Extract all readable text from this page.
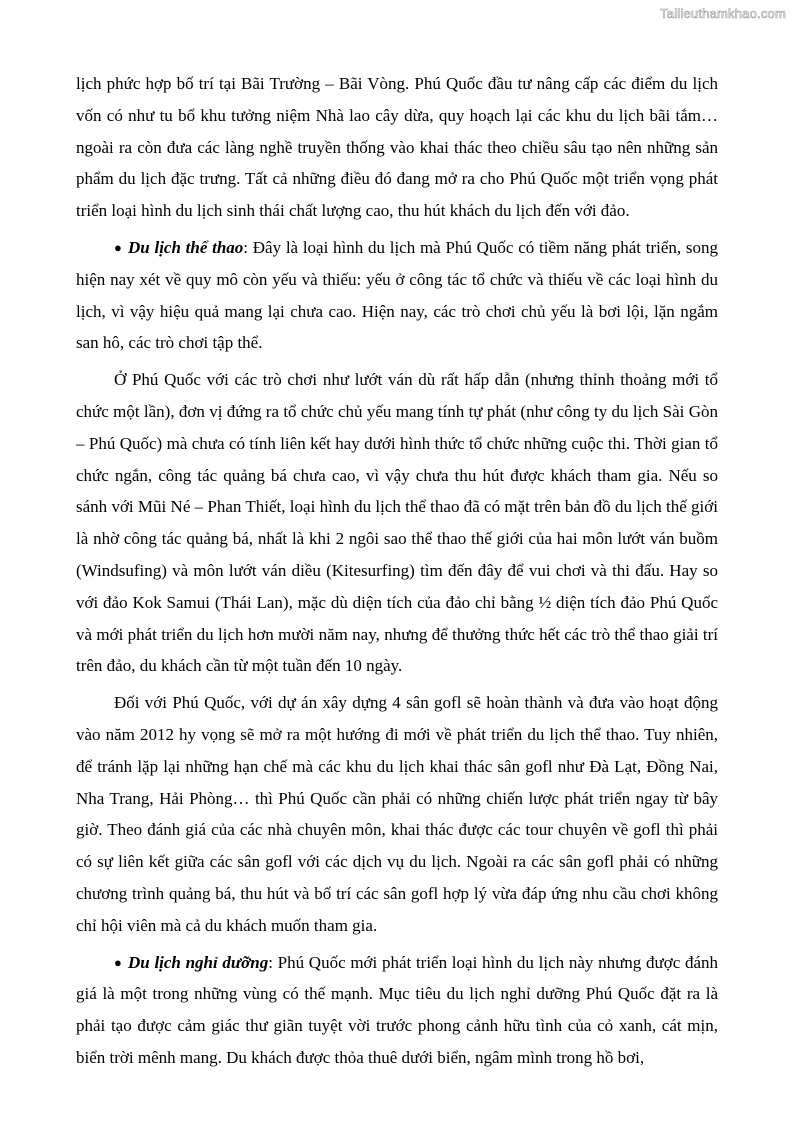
Tailieuthamkhao.com

lịch phức hợp bố trí tại Bãi Trường – Bãi Vòng. Phú Quốc đầu tư nâng cấp các điểm du lịch vốn có như tu bổ khu tưởng niệm Nhà lao cây dừa, quy hoạch lại các khu du lịch bãi tắm… ngoài ra còn đưa các làng nghề truyền thống vào khai thác theo chiều sâu tạo nên những sản phẩm du lịch đặc trưng. Tất cả những điều đó đang mở ra cho Phú Quốc một triển vọng phát triển loại hình du lịch sinh thái chất lượng cao, thu hút khách du lịch đến với đảo.

● Du lịch thể thao: Đây là loại hình du lịch mà Phú Quốc có tiềm năng phát triển, song hiện nay xét về quy mô còn yếu và thiếu: yếu ở công tác tổ chức và thiếu về các loại hình du lịch, vì vậy hiệu quả mang lại chưa cao. Hiện nay, các trò chơi chủ yếu là bơi lội, lặn ngắm san hô, các trò chơi tập thể.

Ở Phú Quốc với các trò chơi như lướt ván dù rất hấp dẫn (nhưng thỉnh thoảng mới tổ chức một lần), đơn vị đứng ra tổ chức chủ yếu mang tính tự phát (như công ty du lịch Sài Gòn – Phú Quốc) mà chưa có tính liên kết hay dưới hình thức tổ chức những cuộc thi. Thời gian tổ chức ngắn, công tác quảng bá chưa cao, vì vậy chưa thu hút được khách tham gia. Nếu so sánh với Mũi Né – Phan Thiết, loại hình du lịch thể thao đã có mặt trên bản đồ du lịch thế giới là nhờ công tác quảng bá, nhất là khi 2 ngôi sao thể thao thế giới của hai môn lướt ván buồm (Windsufing) và môn lướt ván diều (Kitesurfing) tìm đến đây để vui chơi và thi đấu. Hay so với đảo Kok Samui (Thái Lan), mặc dù diện tích của đảo chỉ bằng ½ diện tích đảo Phú Quốc và mới phát triển du lịch hơn mười năm nay, nhưng để thưởng thức hết các trò thể thao giải trí trên đảo, du khách cần từ một tuần đến 10 ngày.

Đối với Phú Quốc, với dự án xây dựng 4 sân gofl sẽ hoàn thành và đưa vào hoạt động vào năm 2012 hy vọng sẽ mở ra một hướng đi mới về phát triển du lịch thể thao. Tuy nhiên, để tránh lặp lại những hạn chế mà các khu du lịch khai thác sân gofl như Đà Lạt, Đồng Nai, Nha Trang, Hải Phòng… thì Phú Quốc cần phải có những chiến lược phát triển ngay từ bây giờ. Theo đánh giá của các nhà chuyên môn, khai thác được các tour chuyên về gofl thì phải có sự liên kết giữa các sân gofl với các dịch vụ du lịch. Ngoài ra các sân gofl phải có những chương trình quảng bá, thu hút và bố trí các sân gofl hợp lý vừa đáp ứng nhu cầu chơi không chỉ hội viên mà cả du khách muốn tham gia.

● Du lịch nghỉ dưỡng: Phú Quốc mới phát triển loại hình du lịch này nhưng được đánh giá là một trong những vùng có thế mạnh. Mục tiêu du lịch nghỉ dưỡng Phú Quốc đặt ra là phải tạo được cảm giác thư giãn tuyệt vời trước phong cảnh hữu tình của cỏ xanh, cát mịn, biển trời mênh mang. Du khách được thỏa thuê dưới biển, ngâm mình trong hồ bơi,
